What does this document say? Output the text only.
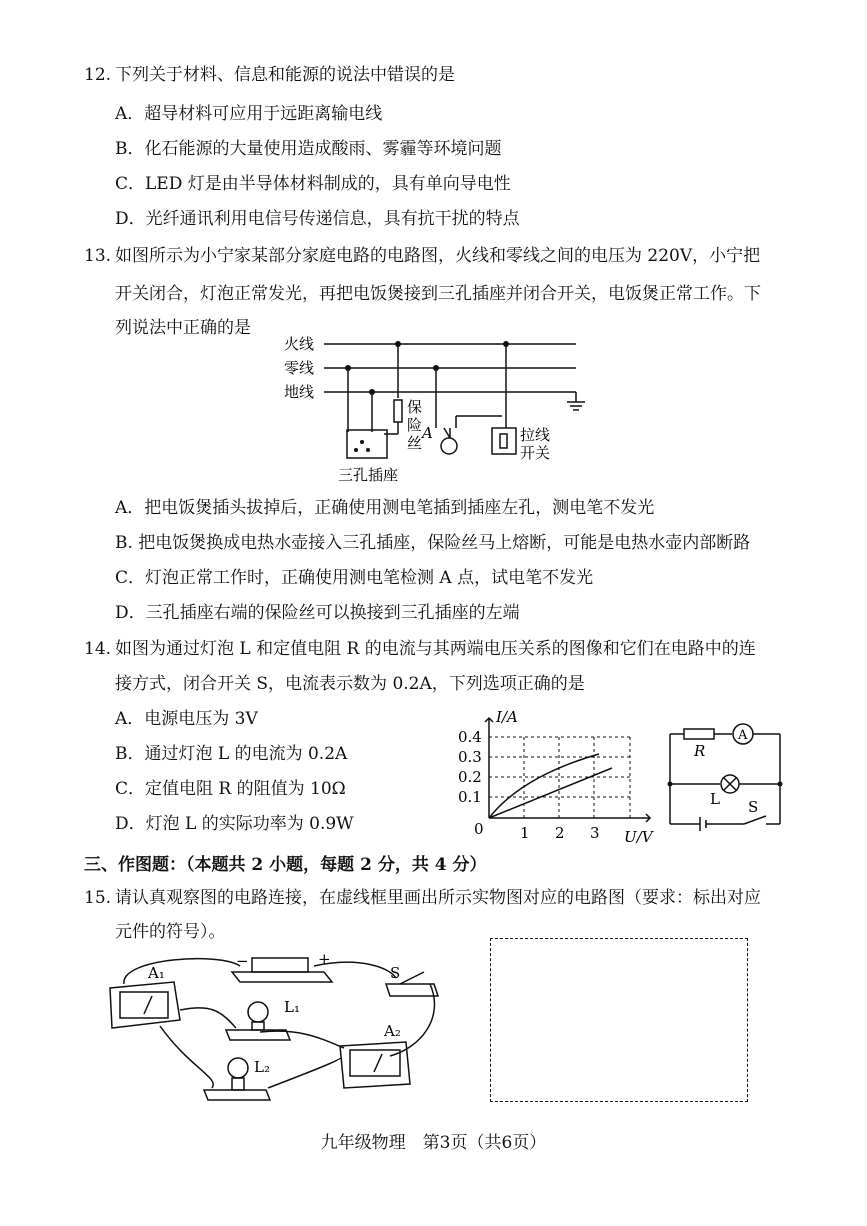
12. 下列关于材料、信息和能源的说法中错误的是
A．超导材料可应用于远距离输电线
B．化石能源的大量使用造成酸雨、雾霾等环境问题
C．LED 灯是由半导体材料制成的，具有单向导电性
D．光纤通讯利用电信号传递信息，具有抗干扰的特点
13. 如图所示为小宁家某部分家庭电路的电路图，火线和零线之间的电压为 220V，小宁把
开关闭合，灯泡正常发光，再把电饭煲接到三孔插座并闭合开关，电饭煲正常工作。下
列说法中正确的是
火线
零线
地线
保
险
丝
A	拉线
开关
三孔插座
A．把电饭煲插头拔掉后，正确使用测电笔插到插座左孔，测电笔不发光
B. 把电饭煲换成电热水壶接入三孔插座，保险丝马上熔断，可能是电热水壶内部断路
C．灯泡正常工作时，正确使用测电笔检测 A 点，试电笔不发光
D．三孔插座右端的保险丝可以换接到三孔插座的左端
14. 如图为通过灯泡 L 和定值电阻 R 的电流与其两端电压关系的图像和它们在电路中的连
接方式，闭合开关 S，电流表示数为 0.2A，下列选项正确的是
A．电源电压为 3V
B．通过灯泡 L 的电流为 0.2A
C．定值电阻 R 的阻值为 10Ω
D．灯泡 L 的实际功率为 0.9W
I/A
U/V
0
0.1
0.2
0.3
0.4
1 2 3
R
A
L S
三、作图题：（本题共 2 小题，每题 2 分，共 4 分）
15. 请认真观察图的电路连接，在虚线框里画出所示实物图对应的电路图（要求：标出对应
元件的符号）。
A₁
A₂
L₁
L₂
S
−	+
九年级物理　第3页（共6页）
